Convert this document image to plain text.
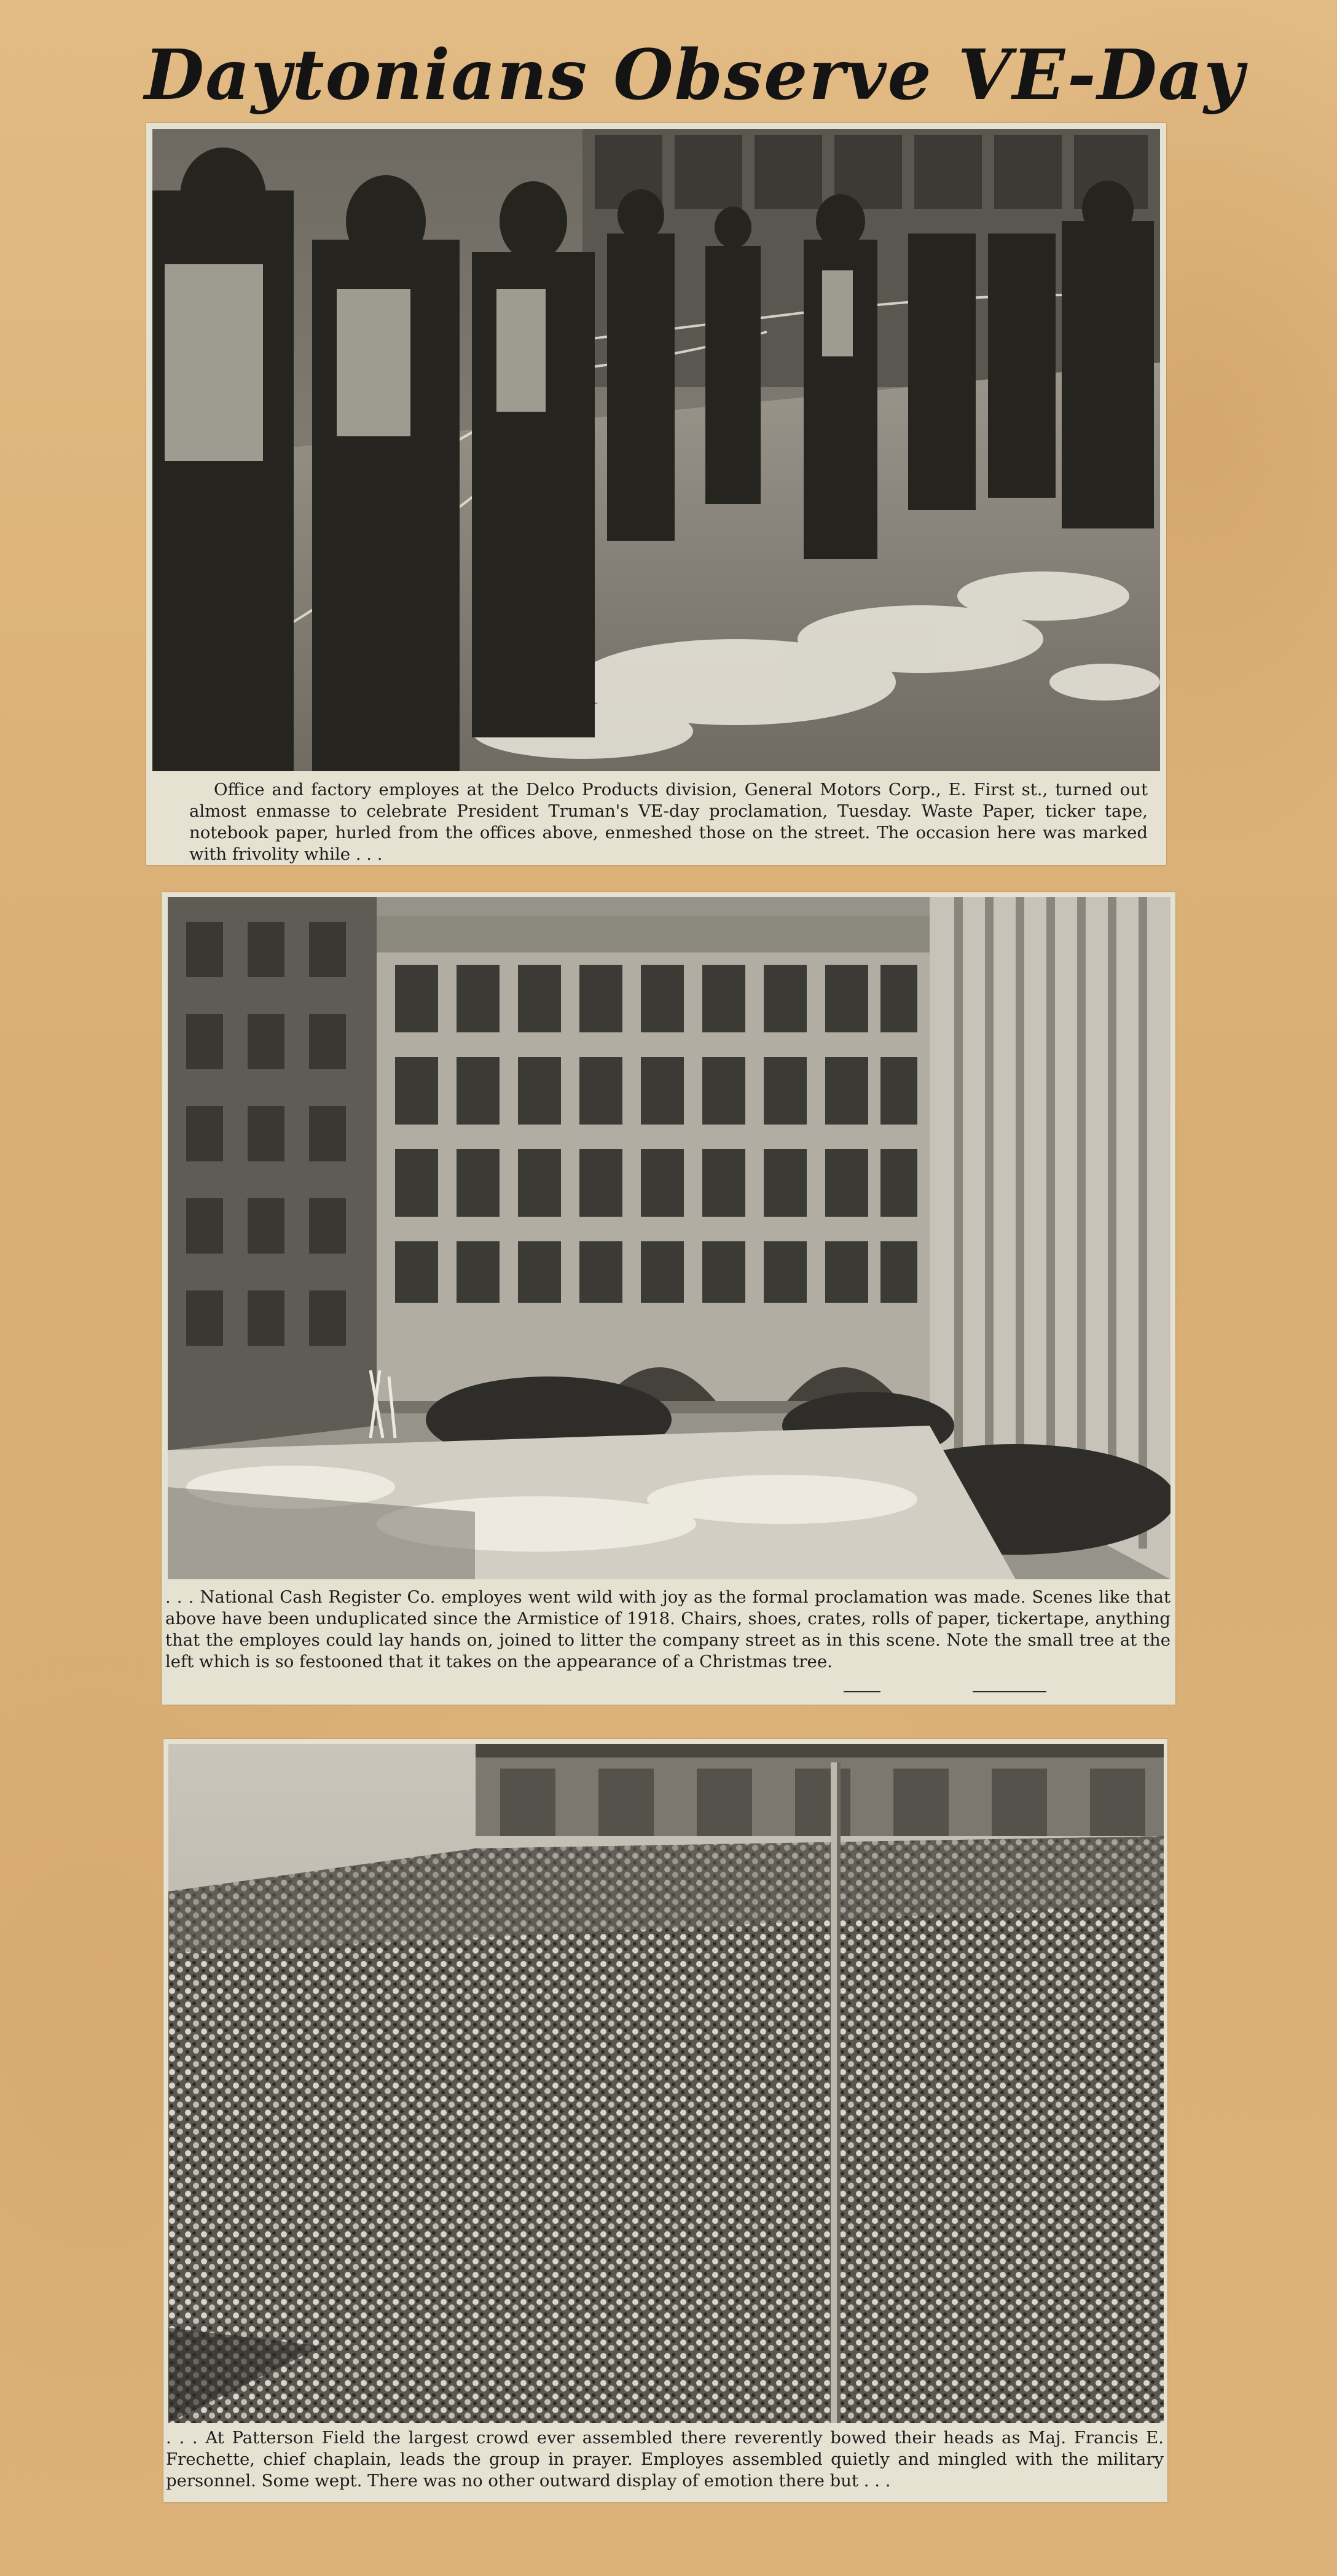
Daytonians Observe VE-Day

Office and factory employes at the Delco Products division, General Motors Corp., E. First st., turned out almost enmasse to celebrate President Truman's VE-day proclamation, Tuesday. Waste Paper, ticker tape, notebook paper, hurled from the offices above, enmeshed those on the street. The occasion here was marked with frivolity while . . .

. . . National Cash Register Co. employes went wild with joy as the formal proclamation was made. Scenes like that above have been unduplicated since the Armistice of 1918. Chairs, shoes, crates, rolls of paper, tickertape, anything that the employes could lay hands on, joined to litter the company street as in this scene. Note the small tree at the left which is so festooned that it takes on the appearance of a Christmas tree.

. . . At Patterson Field the largest crowd ever assembled there reverently bowed their heads as Maj. Francis E. Frechette, chief chaplain, leads the group in prayer. Employes assembled quietly and mingled with the military personnel. Some wept. There was no other outward display of emotion there but . . .
